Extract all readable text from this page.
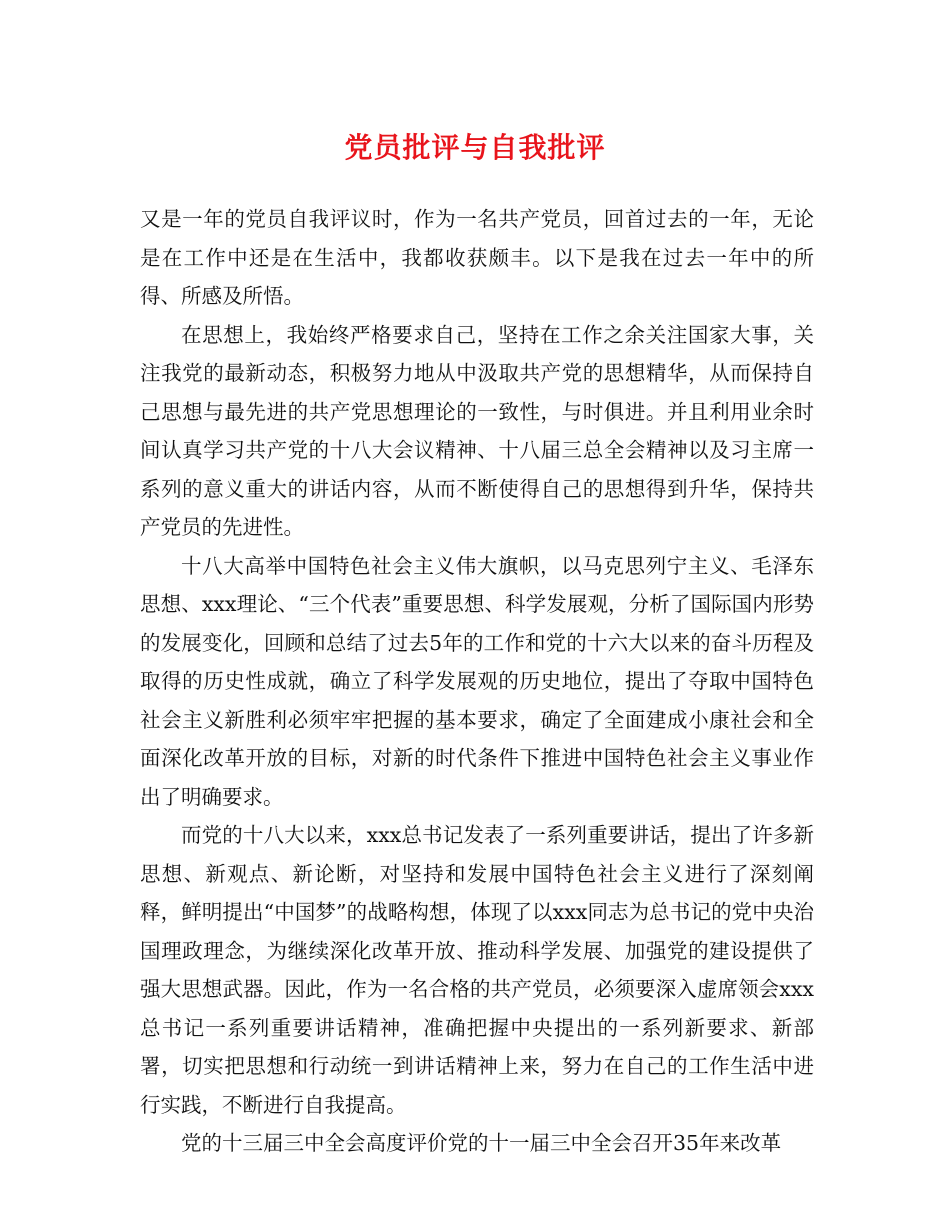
党员批评与自我批评

又是一年的党员自我评议时，作为一名共产党员，回首过去的一年，无论是在工作中还是在生活中，我都收获颇丰。以下是我在过去一年中的所得、所感及所悟。

在思想上，我始终严格要求自己，坚持在工作之余关注国家大事，关注我党的最新动态，积极努力地从中汲取共产党的思想精华，从而保持自己思想与最先进的共产党思想理论的一致性，与时俱进。并且利用业余时间认真学习共产党的十八大会议精神、十八届三总全会精神以及习主席一系列的意义重大的讲话内容，从而不断使得自己的思想得到升华，保持共产党员的先进性。

十八大高举中国特色社会主义伟大旗帜，以马克思列宁主义、毛泽东思想、xxx理论、“三个代表”重要思想、科学发展观，分析了国际国内形势的发展变化，回顾和总结了过去5年的工作和党的十六大以来的奋斗历程及取得的历史性成就，确立了科学发展观的历史地位，提出了夺取中国特色社会主义新胜利必须牢牢把握的基本要求，确定了全面建成小康社会和全面深化改革开放的目标，对新的时代条件下推进中国特色社会主义事业作出了明确要求。

而党的十八大以来，xxx总书记发表了一系列重要讲话，提出了许多新思想、新观点、新论断，对坚持和发展中国特色社会主义进行了深刻阐释，鲜明提出“中国梦”的战略构想，体现了以xxx同志为总书记的党中央治国理政理念，为继续深化改革开放、推动科学发展、加强党的建设提供了强大思想武器。因此，作为一名合格的共产党员，必须要深入虚席领会xxx总书记一系列重要讲话精神，准确把握中央提出的一系列新要求、新部署，切实把思想和行动统一到讲话精神上来，努力在自己的工作生活中进行实践，不断进行自我提高。

党的十三届三中全会高度评价党的十一届三中全会召开35年来改革
